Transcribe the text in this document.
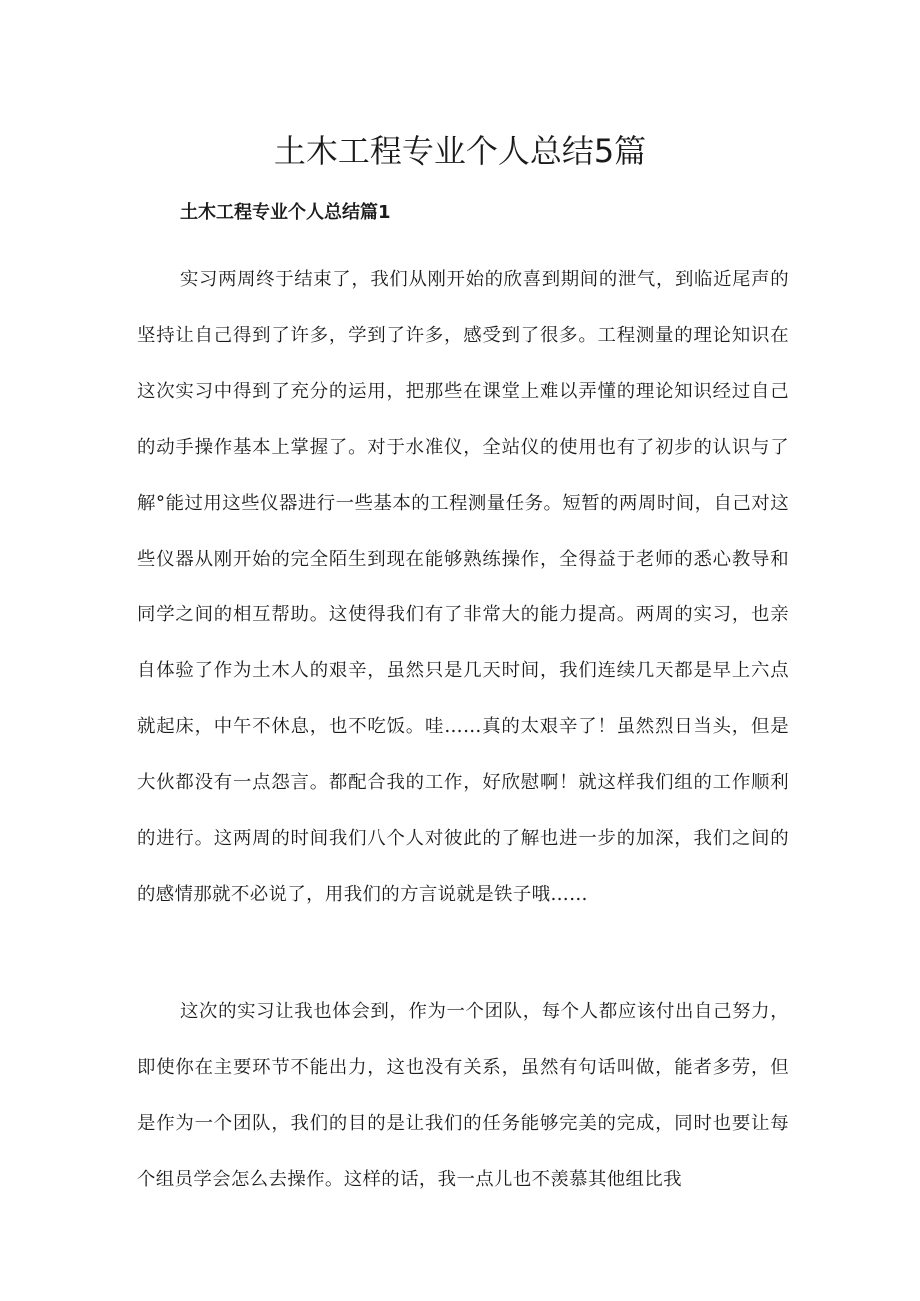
土木工程专业个人总结5篇
土木工程专业个人总结篇1

实习两周终于结束了，我们从刚开始的欣喜到期间的泄气，到临近尾声的坚持让自己得到了许多，学到了许多，感受到了很多。工程测量的理论知识在这次实习中得到了充分的运用，把那些在课堂上难以弄懂的理论知识经过自己的动手操作基本上掌握了。对于水准仪，全站仪的使用也有了初步的认识与了解°能过用这些仪器进行一些基本的工程测量任务。短暂的两周时间，自己对这些仪器从刚开始的完全陌生到现在能够熟练操作，全得益于老师的悉心教导和同学之间的相互帮助。这使得我们有了非常大的能力提高。两周的实习，也亲自体验了作为土木人的艰辛，虽然只是几天时间，我们连续几天都是早上六点就起床，中午不休息，也不吃饭。哇……真的太艰辛了！虽然烈日当头，但是大伙都没有一点怨言。都配合我的工作，好欣慰啊！就这样我们组的工作顺利的进行。这两周的时间我们八个人对彼此的了解也进一步的加深，我们之间的的感情那就不必说了，用我们的方言说就是铁子哦……

这次的实习让我也体会到，作为一个团队，每个人都应该付出自己努力，即使你在主要环节不能出力，这也没有关系，虽然有句话叫做，能者多劳，但是作为一个团队，我们的目的是让我们的任务能够完美的完成，同时也要让每个组员学会怎么去操作。这样的话，我一点儿也不羡慕其他组比我
